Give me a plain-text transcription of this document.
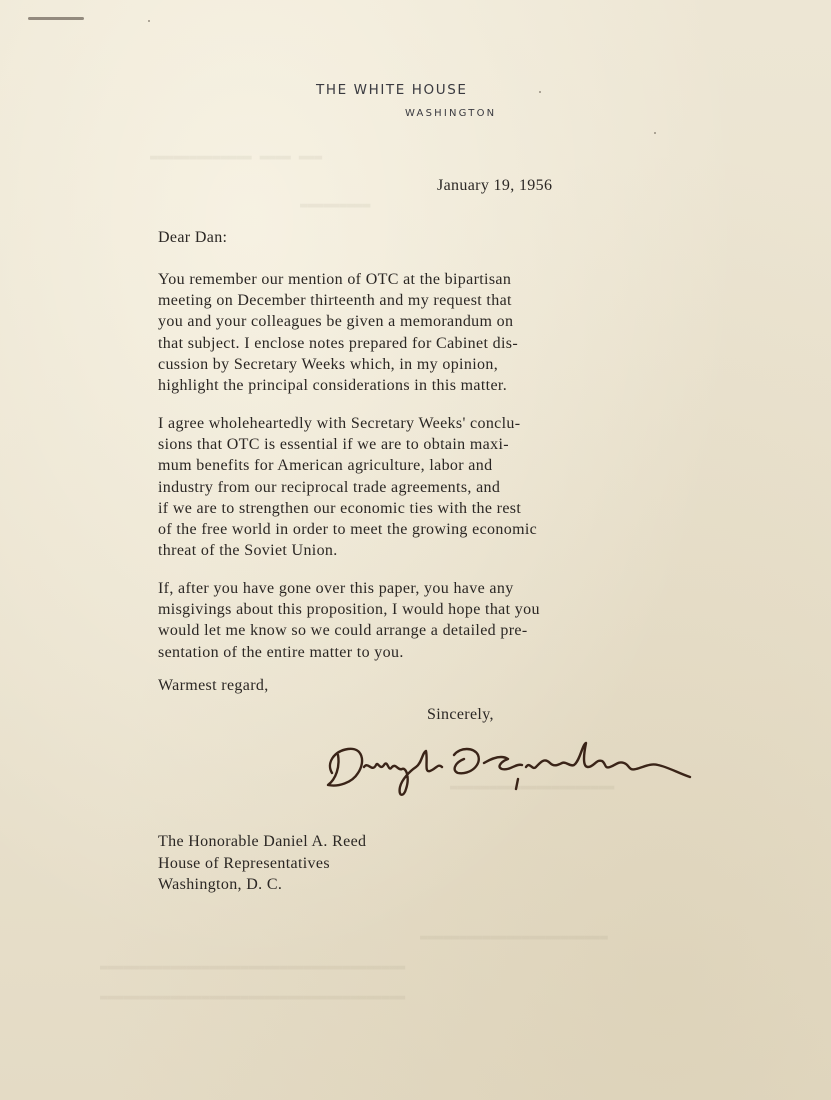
▬▬▬▬▬▬▬▬▬▬▬▬▬ ▬▬▬▬ ▬▬▬
▬▬▬▬▬▬▬▬▬
▬▬▬▬▬▬▬▬▬▬▬▬▬▬▬▬▬▬▬▬▬
▬▬▬▬▬▬▬▬▬▬▬▬▬▬▬▬▬▬▬▬▬▬▬▬
▬▬▬▬▬▬▬▬▬▬▬▬▬▬▬▬▬▬▬▬▬▬▬▬▬▬▬▬▬▬▬▬▬▬▬▬▬▬▬
▬▬▬▬▬▬▬▬▬▬▬▬▬▬▬▬▬▬▬▬▬▬▬▬▬▬▬▬▬▬▬▬▬▬▬▬▬▬▬
THE WHITE HOUSE
WASHINGTON
January 19, 1956
Dear Dan:
You remember our mention of OTC at the bipartisan
meeting on December thirteenth and my request that
you and your colleagues be given a memorandum on
that subject. I enclose notes prepared for Cabinet dis-
cussion by Secretary Weeks which, in my opinion,
highlight the principal considerations in this matter.
I agree wholeheartedly with Secretary Weeks' conclu-
sions that OTC is essential if we are to obtain maxi-
mum benefits for American agriculture, labor and
industry from our reciprocal trade agreements, and
if we are to strengthen our economic ties with the rest
of the free world in order to meet the growing economic
threat of the Soviet Union.
If, after you have gone over this paper, you have any
misgivings about this proposition, I would hope that you
would let me know so we could arrange a detailed pre-
sentation of the entire matter to you.
Warmest regard,
Sincerely,
The Honorable Daniel A. Reed
House of Representatives
Washington, D. C.
